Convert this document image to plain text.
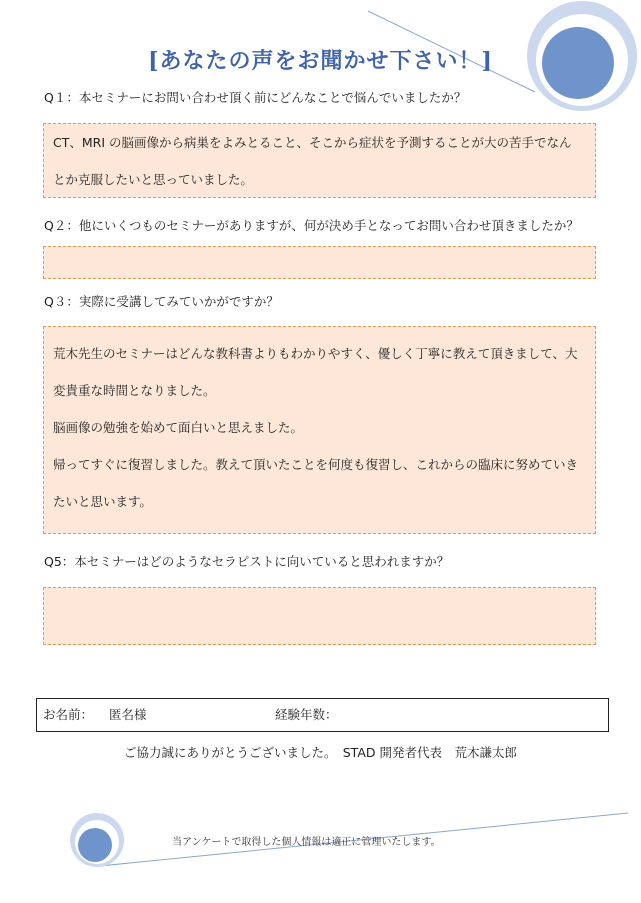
[あなたの声をお聞かせ下さい！]
Q１：本セミナーにお問い合わせ頂く前にどんなことで悩んでいましたか？
CT、MRI の脳画像から病巣をよみとること、そこから症状を予測することが大の苦手でなん
とか克服したいと思っていました。
Q２：他にいくつものセミナーがありますが、何が決め手となってお問い合わせ頂きましたか？
Q３：実際に受講してみていかがですか？
荒木先生のセミナーはどんな教科書よりもわかりやすく、優しく丁寧に教えて頂きまして、大
変貴重な時間となりました。
脳画像の勉強を始めて面白いと思えました。
帰ってすぐに復習しました。教えて頂いたことを何度も復習し、これからの臨床に努めていき
たいと思います。
Q5：本セミナーはどのようなセラピストに向いていると思われますか？
お名前： 匿名様	経験年数：
ご協力誠にありがとうございました。　STAD 開発者代表　荒木謙太郎
当アンケートで取得した個人情報は適正に管理いたします。
